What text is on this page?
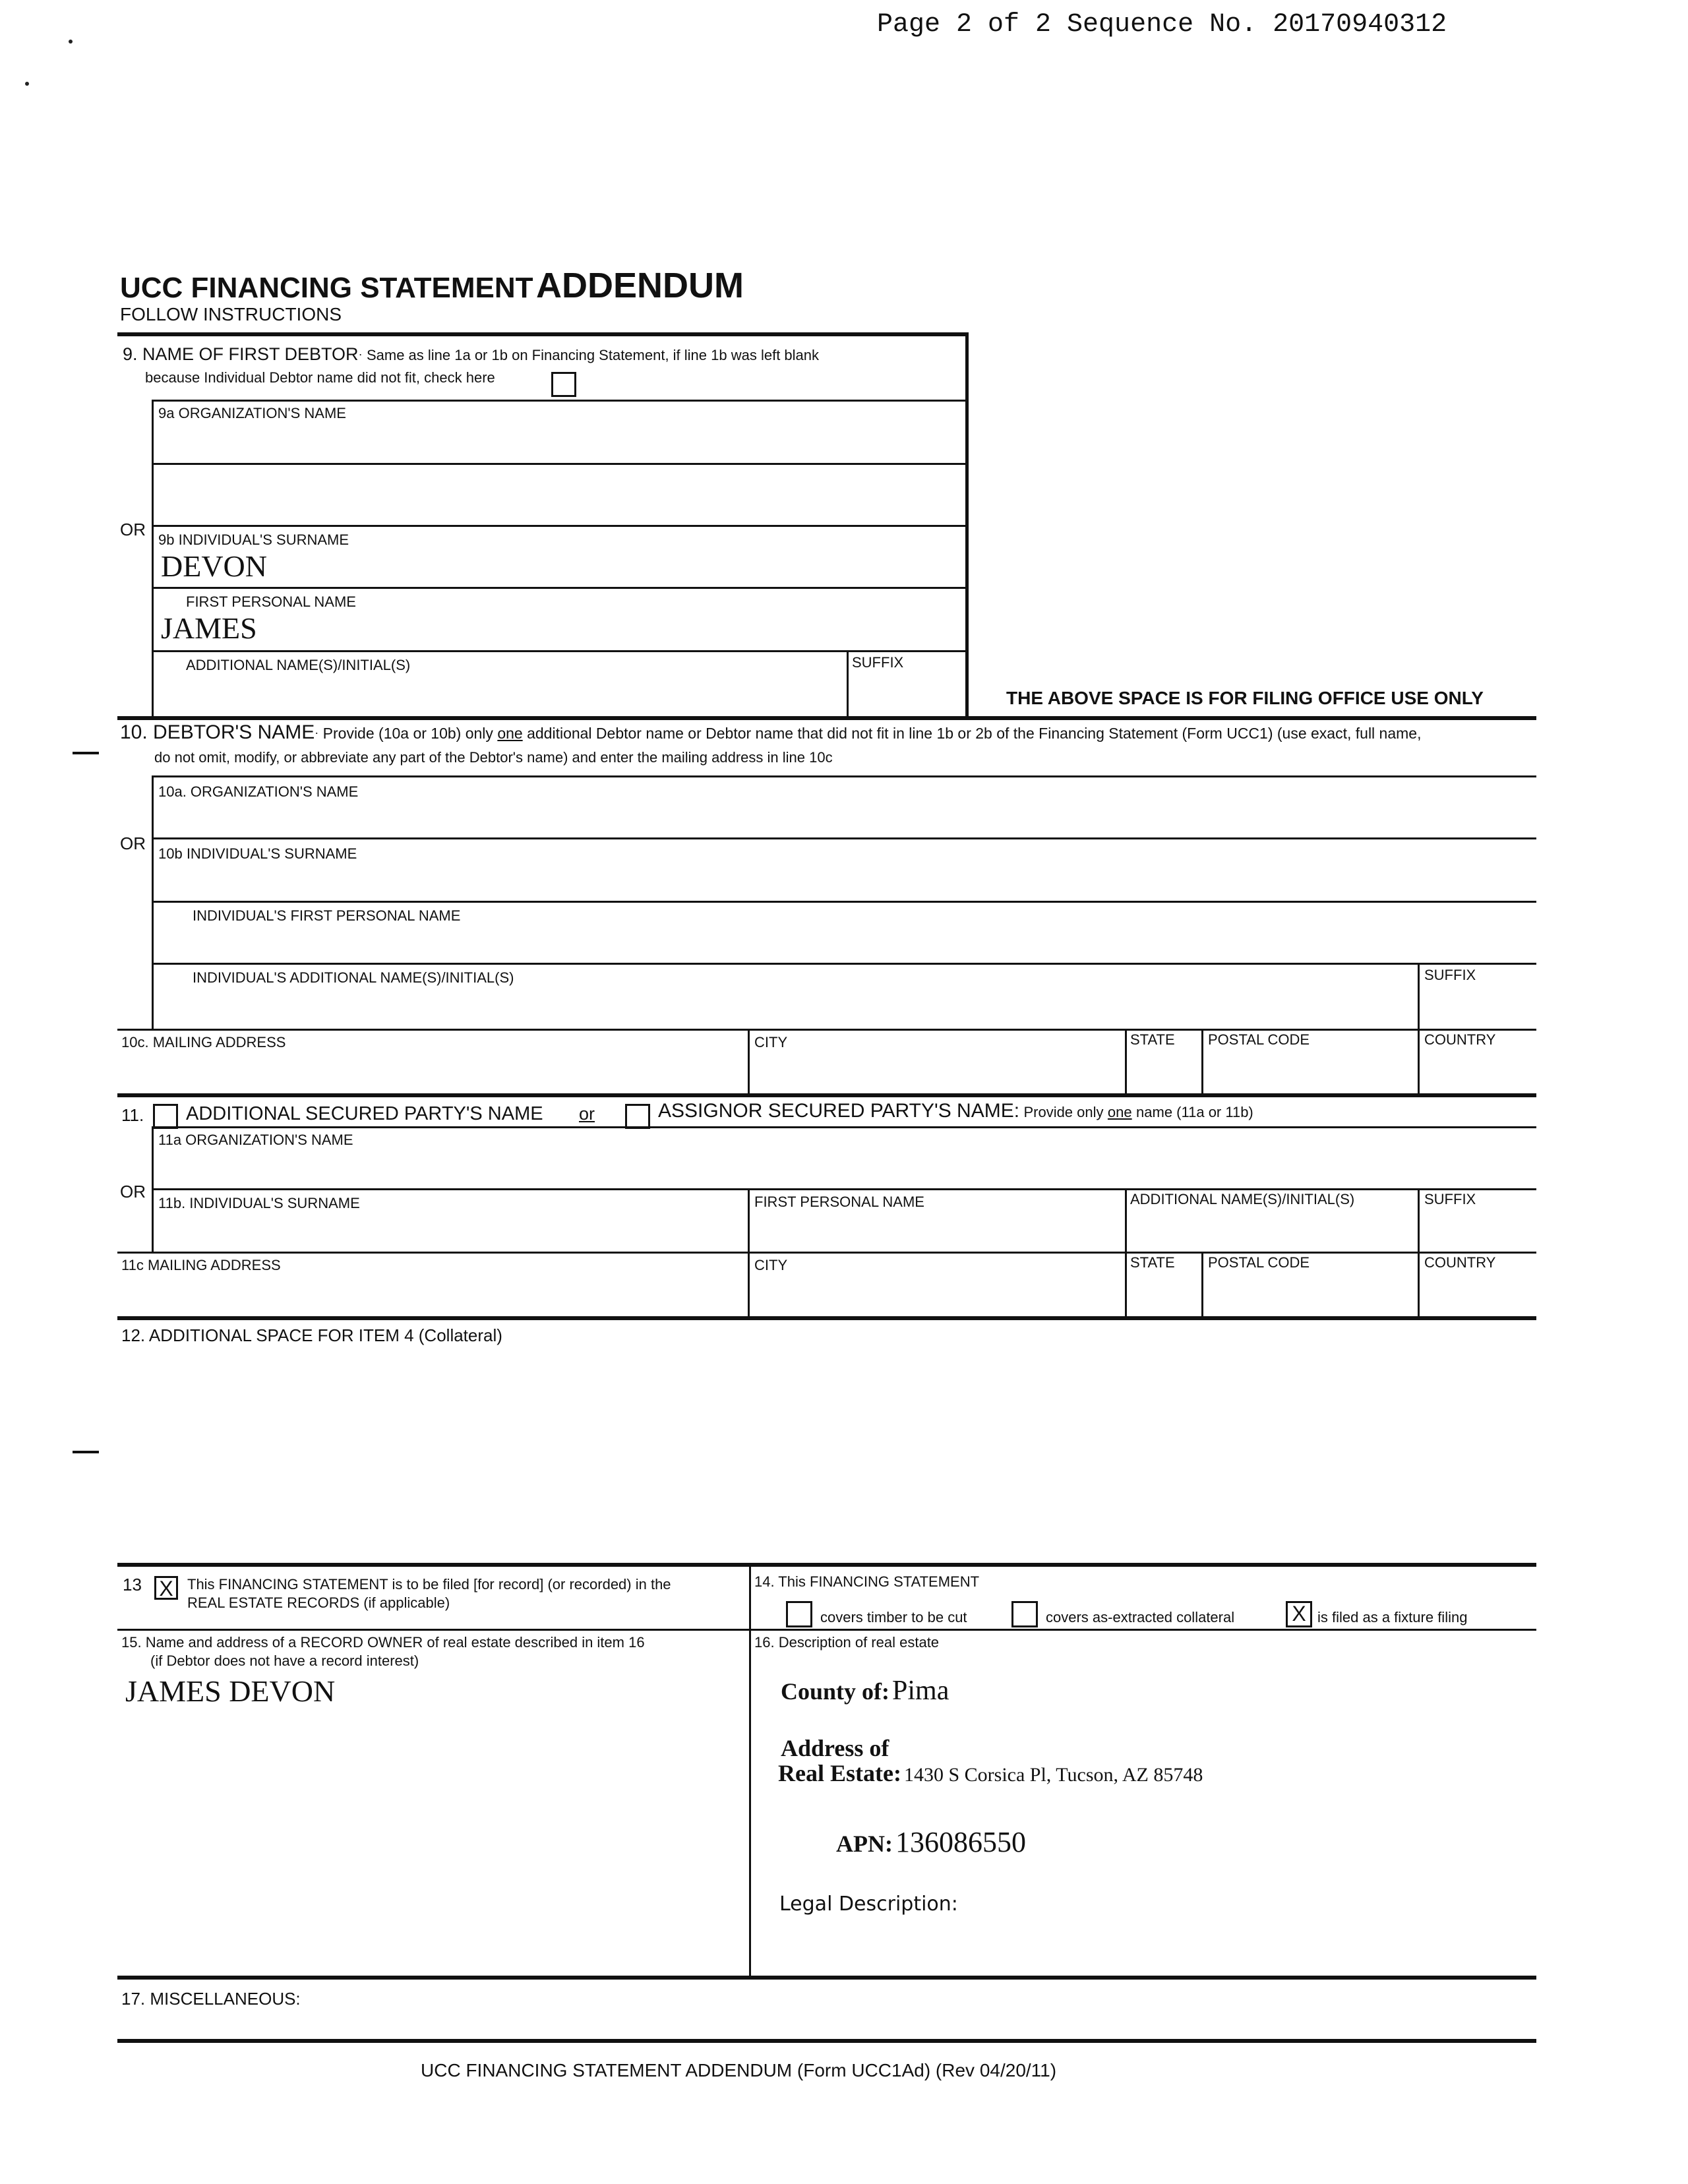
Page 2 of 2 Sequence No. 20170940312
UCC FINANCING STATEMENT ADDENDUM
FOLLOW INSTRUCTIONS
9. NAME OF FIRST DEBTOR· Same as line 1a or 1b on Financing Statement, if line 1b was left blank
because Individual Debtor name did not fit, check here
9a ORGANIZATION'S NAME
OR
9b INDIVIDUAL'S SURNAME
DEVON
FIRST PERSONAL NAME
JAMES
ADDITIONAL NAME(S)/INITIAL(S)	SUFFIX
THE ABOVE SPACE IS FOR FILING OFFICE USE ONLY
10. DEBTOR'S NAME· Provide (10a or 10b) only one additional Debtor name or Debtor name that did not fit in line 1b or 2b of the Financing Statement (Form UCC1) (use exact, full name,
do not omit, modify, or abbreviate any part of the Debtor's name) and enter the mailing address in line 10c
10a. ORGANIZATION'S NAME
OR
10b INDIVIDUAL'S SURNAME
INDIVIDUAL'S FIRST PERSONAL NAME
INDIVIDUAL'S ADDITIONAL NAME(S)/INITIAL(S)	SUFFIX
10c. MAILING ADDRESS	CITY	STATE POSTAL CODE	COUNTRY
11. ADDITIONAL SECURED PARTY'S NAME or	ASSIGNOR SECURED PARTY'S NAME: Provide only one name (11a or 11b)
11a ORGANIZATION'S NAME
OR
11b. INDIVIDUAL'S SURNAME	FIRST PERSONAL NAME	ADDITIONAL NAME(S)/INITIAL(S)	SUFFIX
11c MAILING ADDRESS	CITY	STATE POSTAL CODE	COUNTRY
12. ADDITIONAL SPACE FOR ITEM 4 (Collateral)
13 X This FINANCING STATEMENT is to be filed [for record] (or recorded) in the
REAL ESTATE RECORDS (if applicable)
14. This FINANCING STATEMENT
covers timber to be cut	covers as-extracted collateral	X is filed as a fixture filing
15. Name and address of a RECORD OWNER of real estate described in item 16
(if Debtor does not have a record interest)
JAMES DEVON
16. Description of real estate
County of: Pima
Address of
Real Estate: 1430 S Corsica Pl, Tucson, AZ 85748
APN: 136086550
Legal Description:
17. MISCELLANEOUS:
UCC FINANCING STATEMENT ADDENDUM (Form UCC1Ad) (Rev 04/20/11)
